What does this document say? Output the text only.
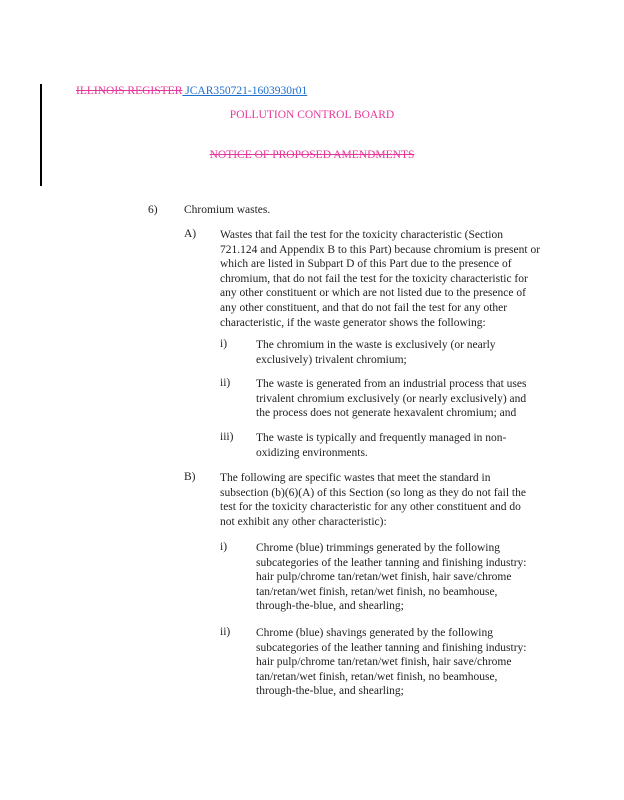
ILLINOIS REGISTER JCAR350721-1603930r01
POLLUTION CONTROL BOARD
NOTICE OF PROPOSED AMENDMENTS
6) Chromium wastes.
A) Wastes that fail the test for the toxicity characteristic (Section 721.124 and Appendix B to this Part) because chromium is present or which are listed in Subpart D of this Part due to the presence of chromium, that do not fail the test for the toxicity characteristic for any other constituent or which are not listed due to the presence of any other constituent, and that do not fail the test for any other characteristic, if the waste generator shows the following:

i)	The chromium in the waste is exclusively (or nearly exclusively) trivalent chromium;

ii) The waste is generated from an industrial process that uses trivalent chromium exclusively (or nearly exclusively) and the process does not generate hexavalent chromium; and

iii) The waste is typically and frequently managed in non-oxidizing environments.

B) The following are specific wastes that meet the standard in subsection (b)(6)(A) of this Section (so long as they do not fail the test for the toxicity characteristic for any other constituent and do not exhibit any other characteristic):

i)	Chrome (blue) trimmings generated by the following subcategories of the leather tanning and finishing industry: hair pulp/chrome tan/retan/wet finish, hair save/chrome tan/retan/wet finish, retan/wet finish, no beamhouse, through-the-blue, and shearling;

ii) Chrome (blue) shavings generated by the following subcategories of the leather tanning and finishing industry: hair pulp/chrome tan/retan/wet finish, hair save/chrome tan/retan/wet finish, retan/wet finish, no beamhouse, through-the-blue, and shearling;
